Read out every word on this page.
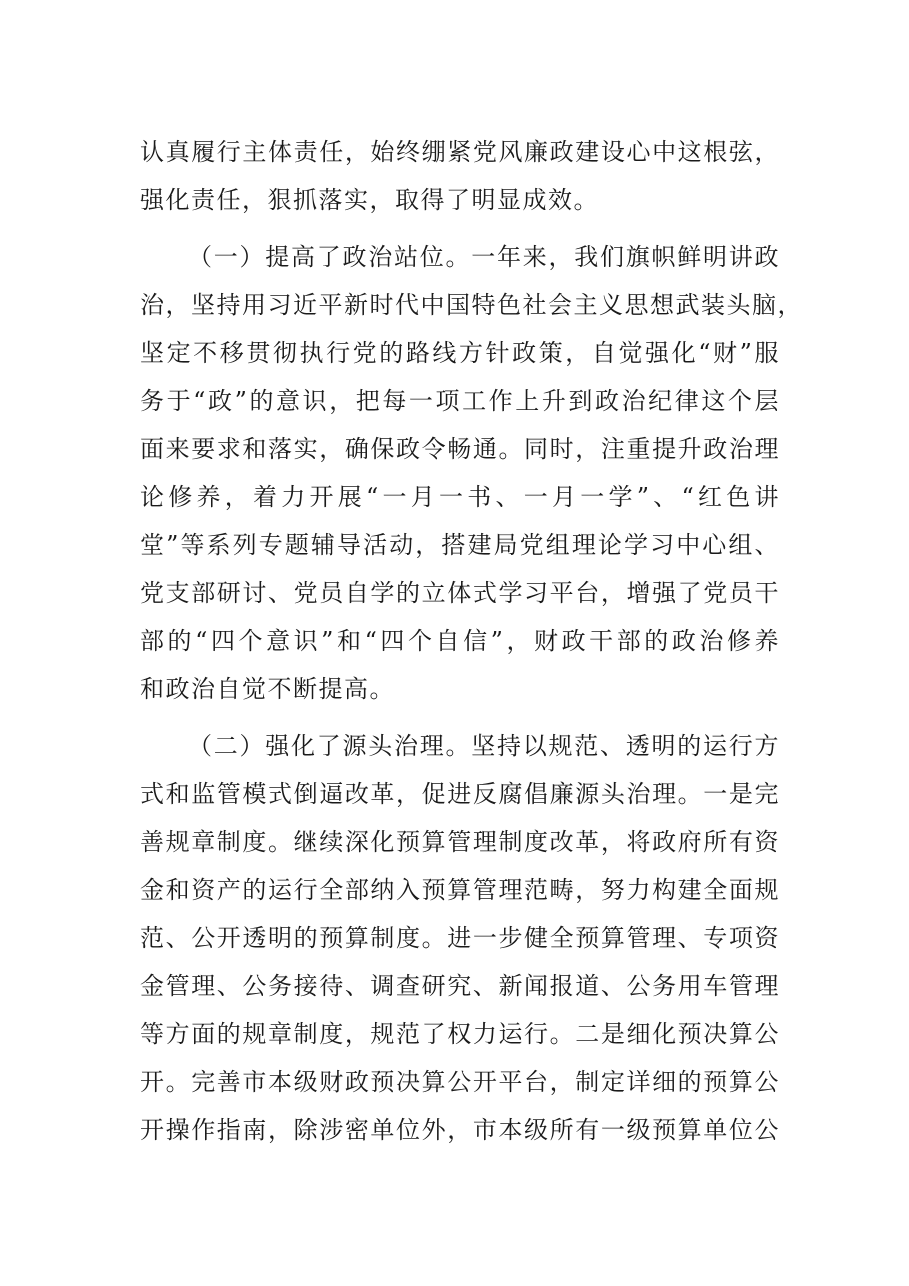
认真履行主体责任，始终绷紧党风廉政建设心中这根弦，
强化责任，狠抓落实，取得了明显成效。
（一）提高了政治站位。一年来，我们旗帜鲜明讲政
治，坚持用习近平新时代中国特色社会主义思想武装头脑，
坚定不移贯彻执行党的路线方针政策，自觉强化“财”服
务于“政”的意识，把每一项工作上升到政治纪律这个层
面来要求和落实，确保政令畅通。同时，注重提升政治理
论修养，着力开展“一月一书、一月一学”、“红色讲
堂”等系列专题辅导活动，搭建局党组理论学习中心组、
党支部研讨、党员自学的立体式学习平台，增强了党员干
部的“四个意识”和“四个自信”，财政干部的政治修养
和政治自觉不断提高。
（二）强化了源头治理。坚持以规范、透明的运行方
式和监管模式倒逼改革，促进反腐倡廉源头治理。一是完
善规章制度。继续深化预算管理制度改革，将政府所有资
金和资产的运行全部纳入预算管理范畴，努力构建全面规
范、公开透明的预算制度。进一步健全预算管理、专项资
金管理、公务接待、调查研究、新闻报道、公务用车管理
等方面的规章制度，规范了权力运行。二是细化预决算公
开。完善市本级财政预决算公开平台，制定详细的预算公
开操作指南，除涉密单位外，市本级所有一级预算单位公
